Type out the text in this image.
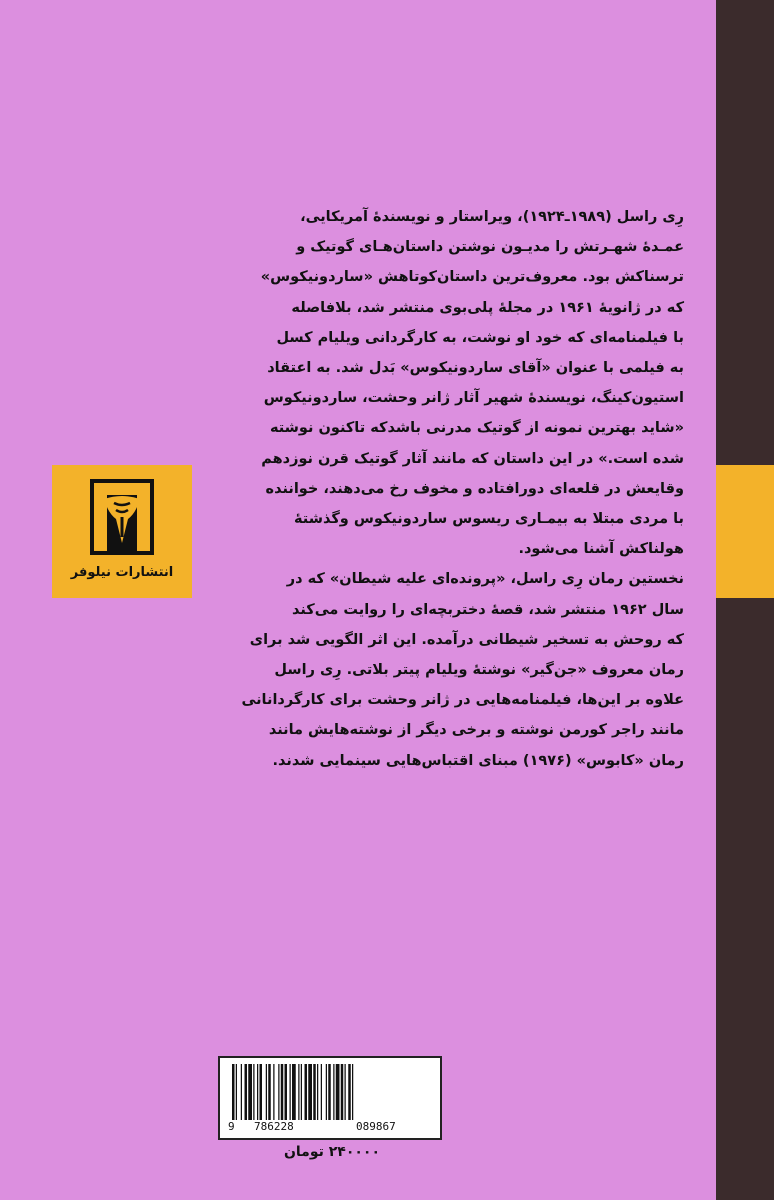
انتشارات نیلوفر

رِی راسل (۱۹۸۹ـ۱۹۲۴)، ویراستار و نویسندهٔ آمریکایی،
عمـدهٔ شهـرتش را مدیـون نوشتن داستان‌هـای گوتیک و
ترسناکش بود. معروف‌ترین داستان‌کوتاهش «ساردونیکوس»
که در ژانویهٔ ۱۹۶۱ در مجلهٔ پلی‌بوی منتشر شد، بلافاصله
با فیلمنامه‌ای که خود او نوشت، به کارگردانی ویلیام کسل
به فیلمی با عنوان «آقای ساردونیکوس» بَدل شد. به اعتقاد
استیون‌کینگ، نویسندهٔ شهیر آثار ژانر وحشت، ساردونیکوس
«شاید بهترین نمونه از گوتیک مدرنی باشدکه تاکنون نوشته
شده است.» در این داستان که مانند آثار گوتیک قرن نوزدهم
وقایعش در قلعه‌ای دورافتاده و مخوف رخ می‌دهند، خواننده
با مردی مبتلا به بیمـاری ریسوس ساردونیکوس وگذشتهٔ
هولناکش آشنا می‌شود.

نخستین رمان رِی راسل، «پرونده‌ای علیه شیطان» که در
سال ۱۹۶۲ منتشر شد، قصهٔ دختربچه‌ای را روایت می‌کند
که روحش به تسخیر شیطانی درآمده. این اثر الگویی شد برای
رمان معروف «جن‌گیر» نوشتهٔ ویلیام پیتر بلاتی. رِی راسل
علاوه بر این‌ها، فیلمنامه‌هایی در ژانر وحشت برای کارگردانانی
مانند راجر کورمن نوشته و برخی دیگر از نوشته‌هایش مانند
رمان «کابوس» (۱۹۷۶) مبنای اقتباس‌هایی سینمایی شدند.

9 786228	089867
۲۴۰۰۰۰ تومان
